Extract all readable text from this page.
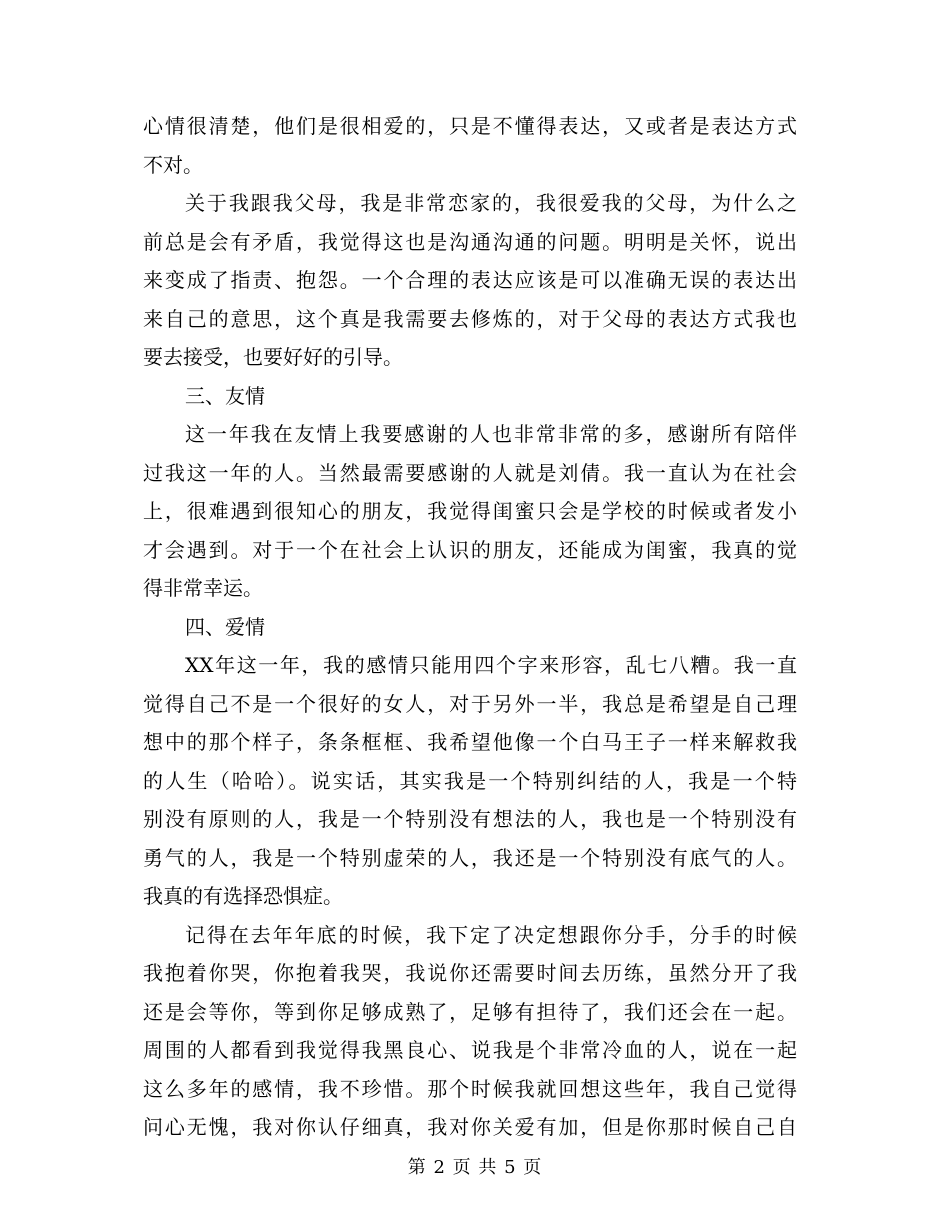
心情很清楚，他们是很相爱的，只是不懂得表达，又或者是表达方式
不对。
关于我跟我父母，我是非常恋家的，我很爱我的父母，为什么之
前总是会有矛盾，我觉得这也是沟通沟通的问题。明明是关怀，说出
来变成了指责、抱怨。一个合理的表达应该是可以准确无误的表达出
来自己的意思，这个真是我需要去修炼的，对于父母的表达方式我也
要去接受，也要好好的引导。
三、友情
这一年我在友情上我要感谢的人也非常非常的多，感谢所有陪伴
过我这一年的人。当然最需要感谢的人就是刘倩。我一直认为在社会
上，很难遇到很知心的朋友，我觉得闺蜜只会是学校的时候或者发小
才会遇到。对于一个在社会上认识的朋友，还能成为闺蜜，我真的觉
得非常幸运。
四、爱情
XX年这一年，我的感情只能用四个字来形容，乱七八糟。我一直
觉得自己不是一个很好的女人，对于另外一半，我总是希望是自己理
想中的那个样子，条条框框、我希望他像一个白马王子一样来解救我
的人生（哈哈）。说实话，其实我是一个特别纠结的人，我是一个特
别没有原则的人，我是一个特别没有想法的人，我也是一个特别没有
勇气的人，我是一个特别虚荣的人，我还是一个特别没有底气的人。
我真的有选择恐惧症。
记得在去年年底的时候，我下定了决定想跟你分手，分手的时候
我抱着你哭，你抱着我哭，我说你还需要时间去历练，虽然分开了我
还是会等你，等到你足够成熟了，足够有担待了，我们还会在一起。
周围的人都看到我觉得我黑良心、说我是个非常冷血的人，说在一起
这么多年的感情，我不珍惜。那个时候我就回想这些年，我自己觉得
问心无愧，我对你认仔细真，我对你关爱有加，但是你那时候自己自
第 2 页 共 5 页
